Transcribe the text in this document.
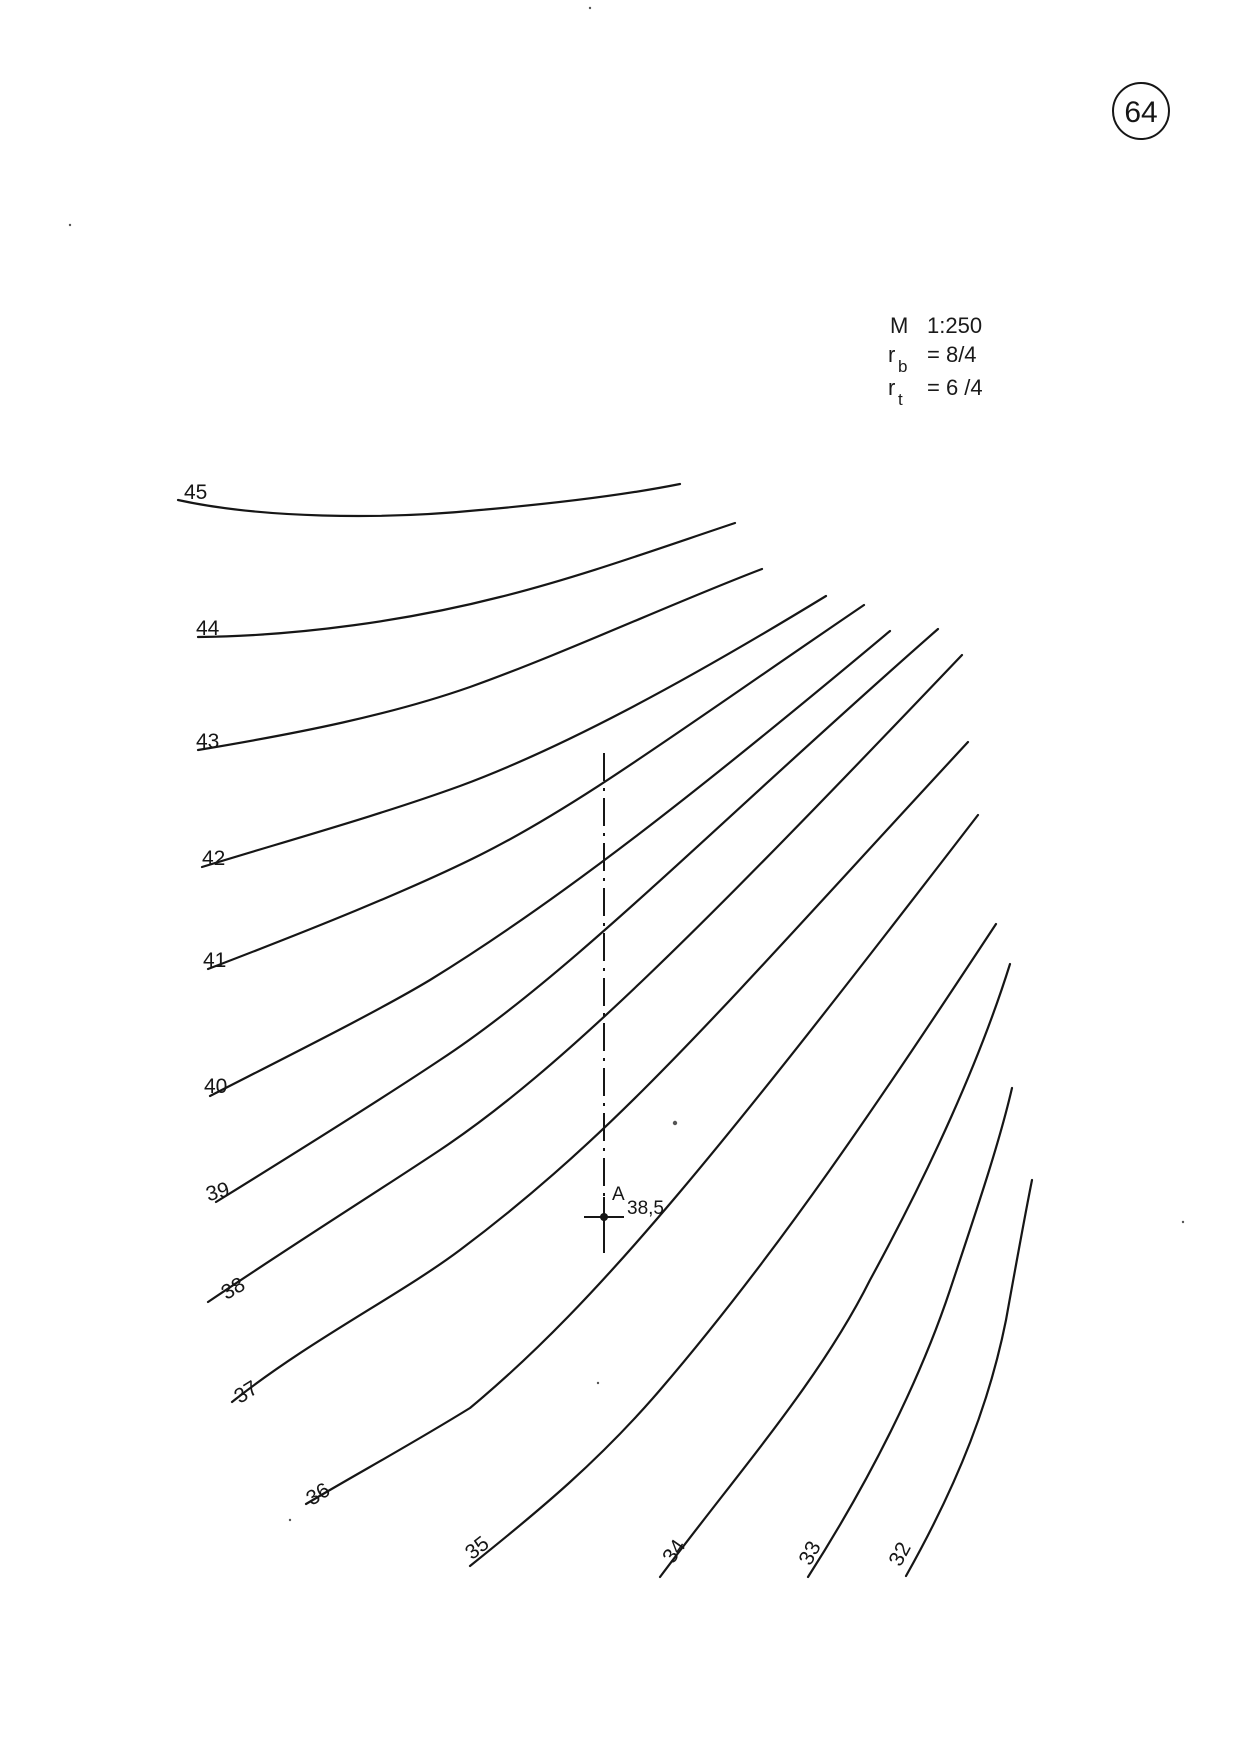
64
M 1:250
r b = 8/4
r t = 6 /4
45
44
43
42
41
40
39
38
37
36
35	34	33	32
A
38,5
